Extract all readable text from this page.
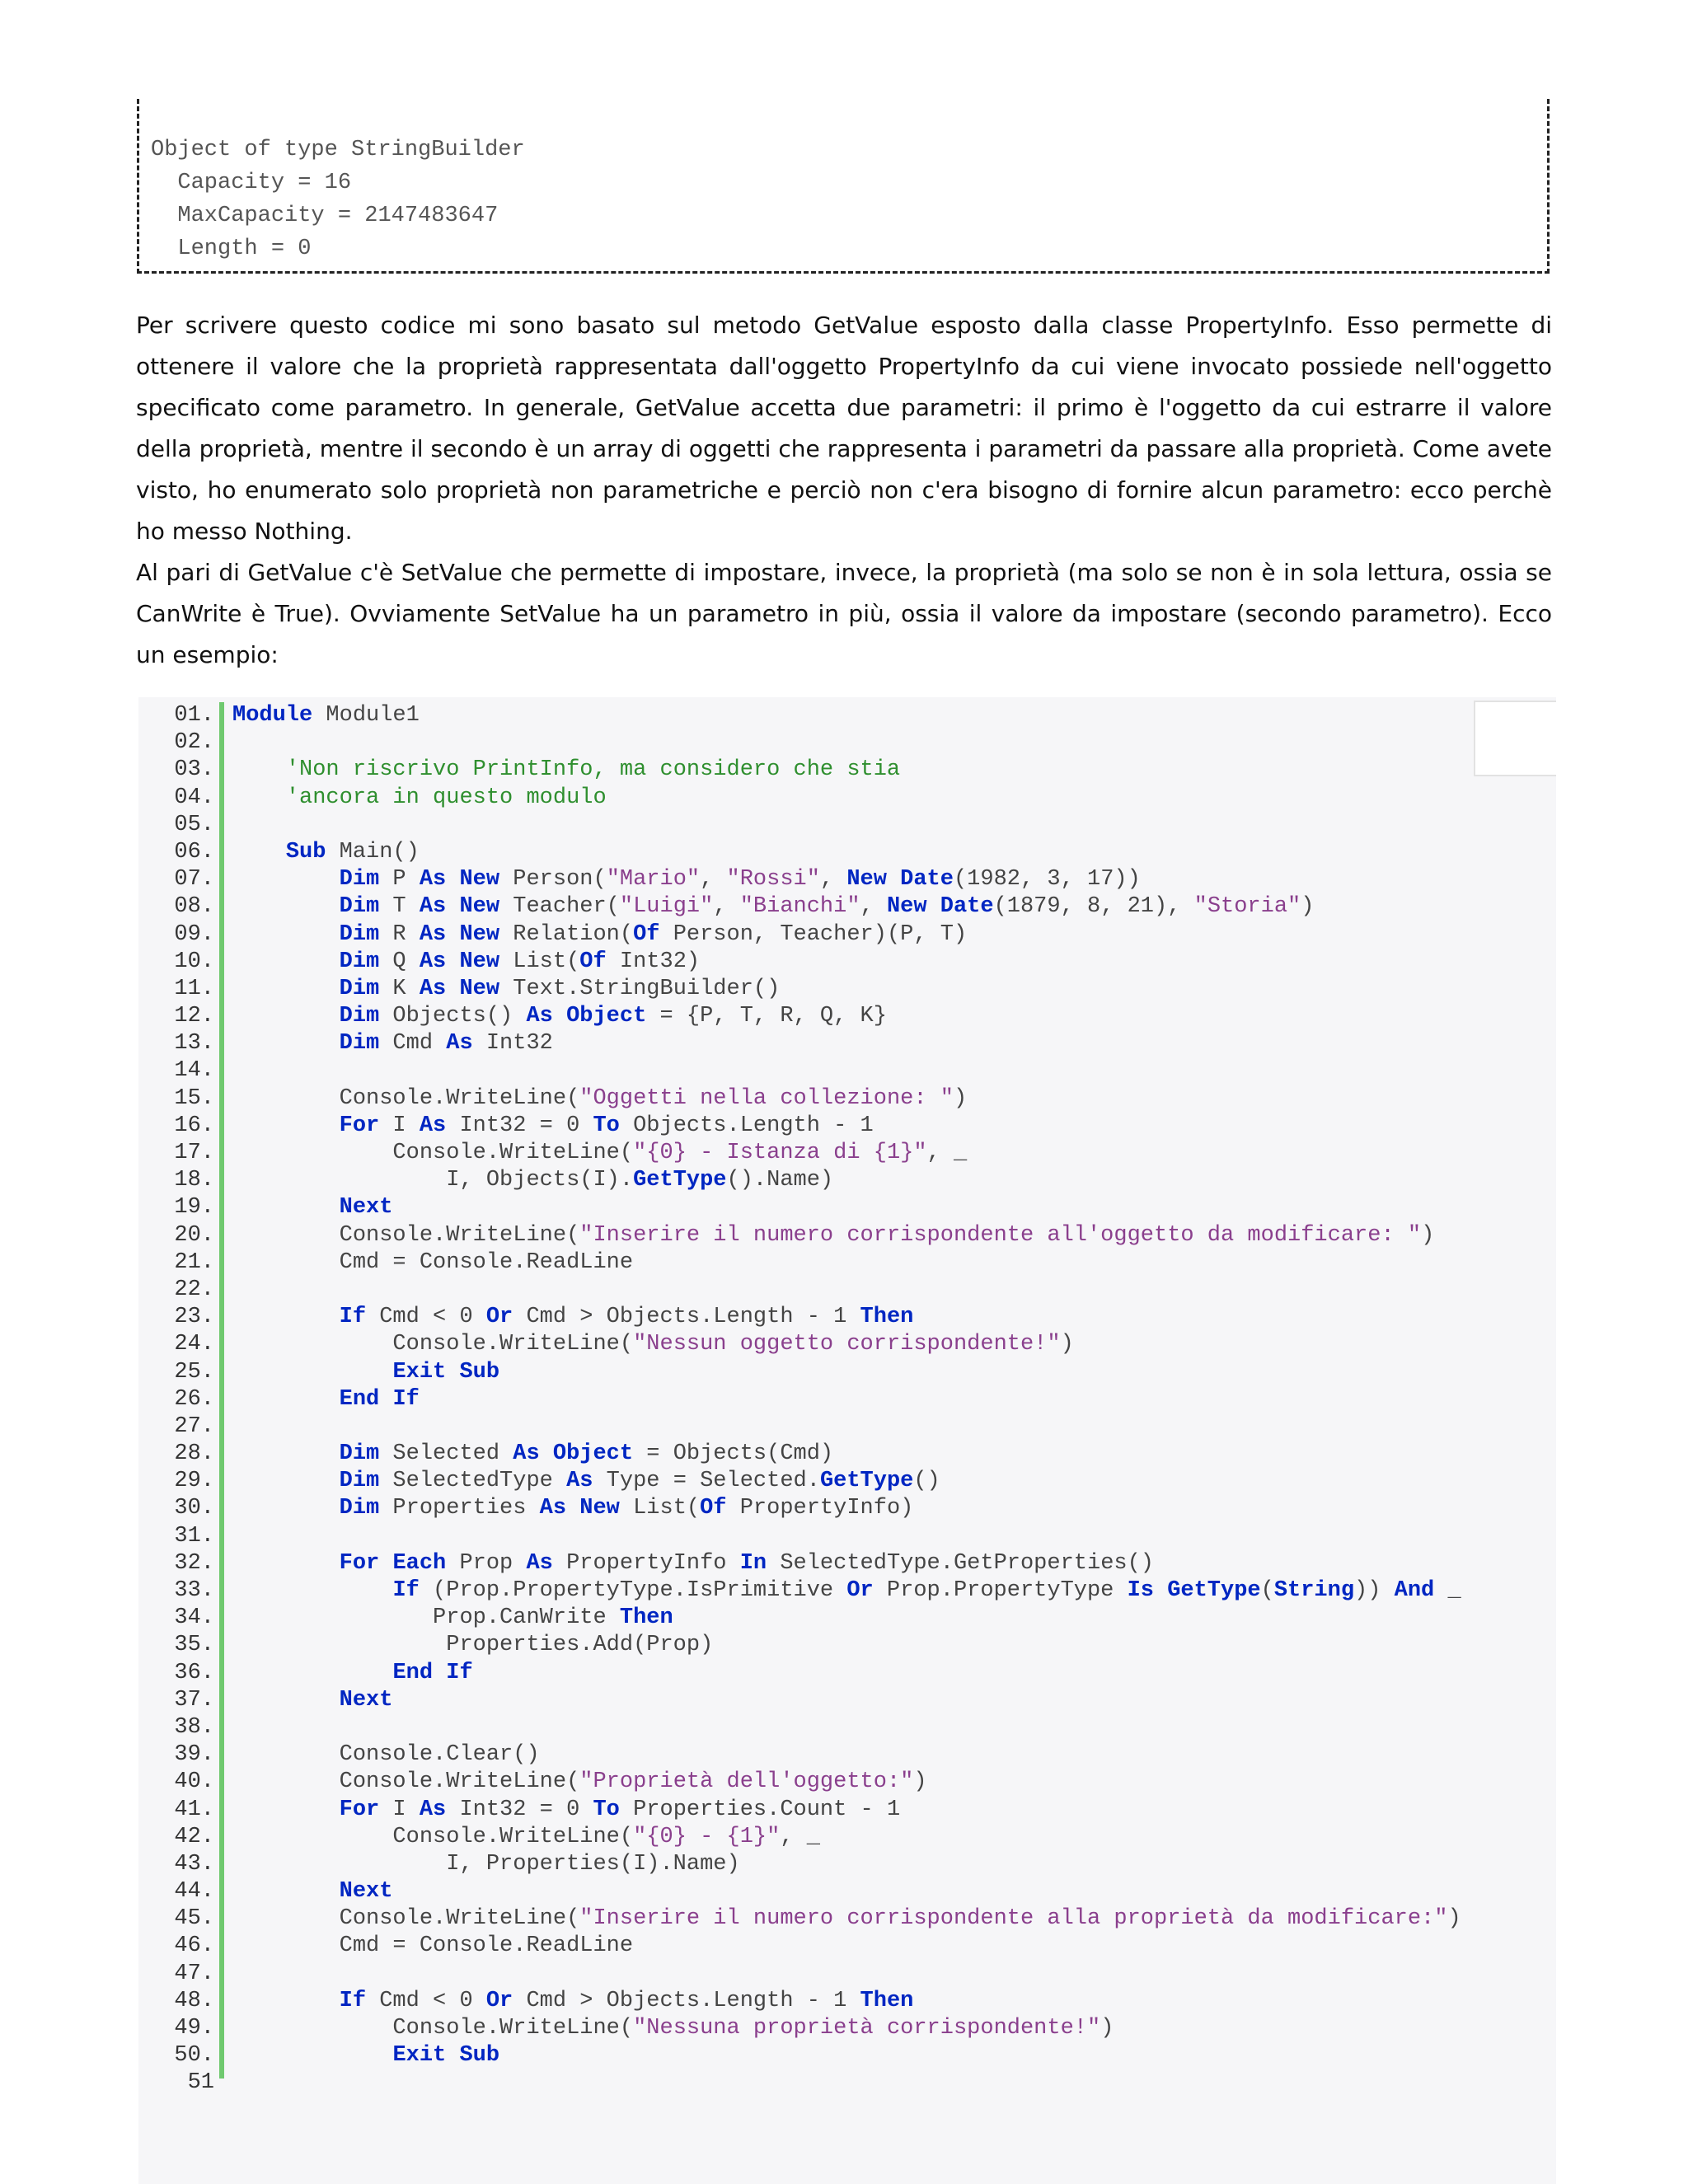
Object of type StringBuilder
Capacity = 16
MaxCapacity = 2147483647
Length = 0

Per scrivere questo codice mi sono basato sul metodo GetValue esposto dalla classe PropertyInfo. Esso permette di ottenere il valore che la proprietà rappresentata dall'oggetto PropertyInfo da cui viene invocato possiede nell'oggetto specificato come parametro. In generale, GetValue accetta due parametri: il primo è l'oggetto da cui estrarre il valore della proprietà, mentre il secondo è un array di oggetti che rappresenta i parametri da passare alla proprietà. Come avete visto, ho enumerato solo proprietà non parametriche e perciò non c'era bisogno di fornire alcun parametro: ecco perchè ho messo Nothing.

Al pari di GetValue c'è SetValue che permette di impostare, invece, la proprietà (ma solo se non è in sola lettura, ossia se CanWrite è True). Ovviamente SetValue ha un parametro in più, ossia il valore da impostare (secondo parametro). Ecco un esempio:

01. Module Module1
02.
03.	'Non riscrivo PrintInfo, ma considero che stia
04.	'ancora in questo modulo
05.
06.	Sub Main()
07.	Dim P As New Person("Mario", "Rossi", New Date(1982, 3, 17))
08.	Dim T As New Teacher("Luigi", "Bianchi", New Date(1879, 8, 21), "Storia")
09.	Dim R As New Relation(Of Person, Teacher)(P, T)
10.	Dim Q As New List(Of Int32)
11.	Dim K As New Text.StringBuilder()
12.	Dim Objects() As Object = {P, T, R, Q, K}
13.	Dim Cmd As Int32
14.
15.        Console.WriteLine("Oggetti nella collezione: ")
16.	For I As Int32 = 0 To Objects.Length - 1
17.            Console.WriteLine("{0} - Istanza di {1}", _
18.                I, Objects(I).GetType().Name)
19.	Next
20.        Console.WriteLine("Inserire il numero corrispondente all'oggetto da modificare: ")
21.        Cmd = Console.ReadLine
22.
23.	If Cmd < 0 Or Cmd > Objects.Length - 1 Then
24.            Console.WriteLine("Nessun oggetto corrispondente!")
25.	Exit Sub
26.	End If
27.
28.	Dim Selected As Object = Objects(Cmd)
29.	Dim SelectedType As Type = Selected.GetType()
30.	Dim Properties As New List(Of PropertyInfo)
31.
32.	For Each Prop As PropertyInfo In SelectedType.GetProperties()
33.	If (Prop.PropertyType.IsPrimitive Or Prop.PropertyType Is GetType(String)) And _
34.               Prop.CanWrite Then
35.                Properties.Add(Prop)
36.	End If
37.	Next
38.
39.        Console.Clear()
40.        Console.WriteLine("Proprietà dell'oggetto:")
41.	For I As Int32 = 0 To Properties.Count - 1
42.            Console.WriteLine("{0} - {1}", _
43.                I, Properties(I).Name)
44.	Next
45.        Console.WriteLine("Inserire il numero corrispondente alla proprietà da modificare:")
46.        Cmd = Console.ReadLine
47.
48.	If Cmd < 0 Or Cmd > Objects.Length - 1 Then
49.            Console.WriteLine("Nessuna proprietà corrispondente!")
50.	Exit Sub
51
